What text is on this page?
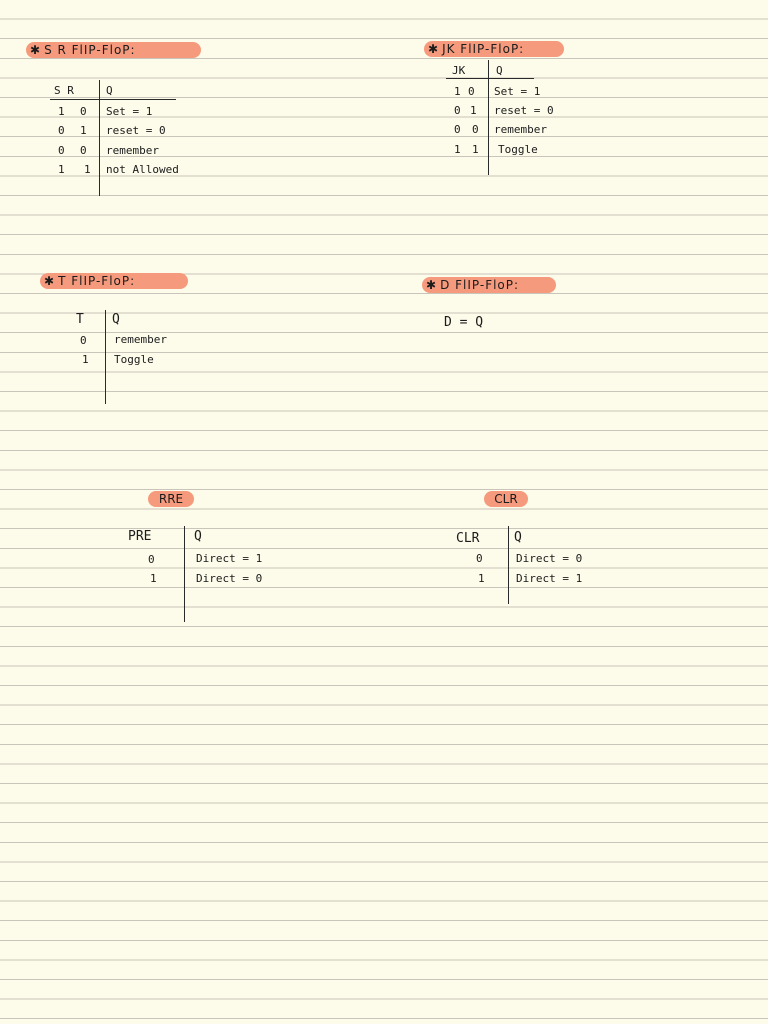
✱ S R FlIP-FloP:
S R	Q
1 0 Set = 1
0 1 reset = 0
0 0 remember
1 1 not Allowed
✱ JK FlIP-FloP:
JK	Q
1 0 Set = 1
0 1 reset = 0
0 0 remember
1 1 Toggle
✱ T FlIP-FloP:
T Q
0 remember
1 Toggle
✱ D FlIP-FloP:
D = Q
RRE
PRE	Q
0	Direct = 1
1	Direct = 0
CLR
CLR	Q
0	Direct = 0
1	Direct = 1
